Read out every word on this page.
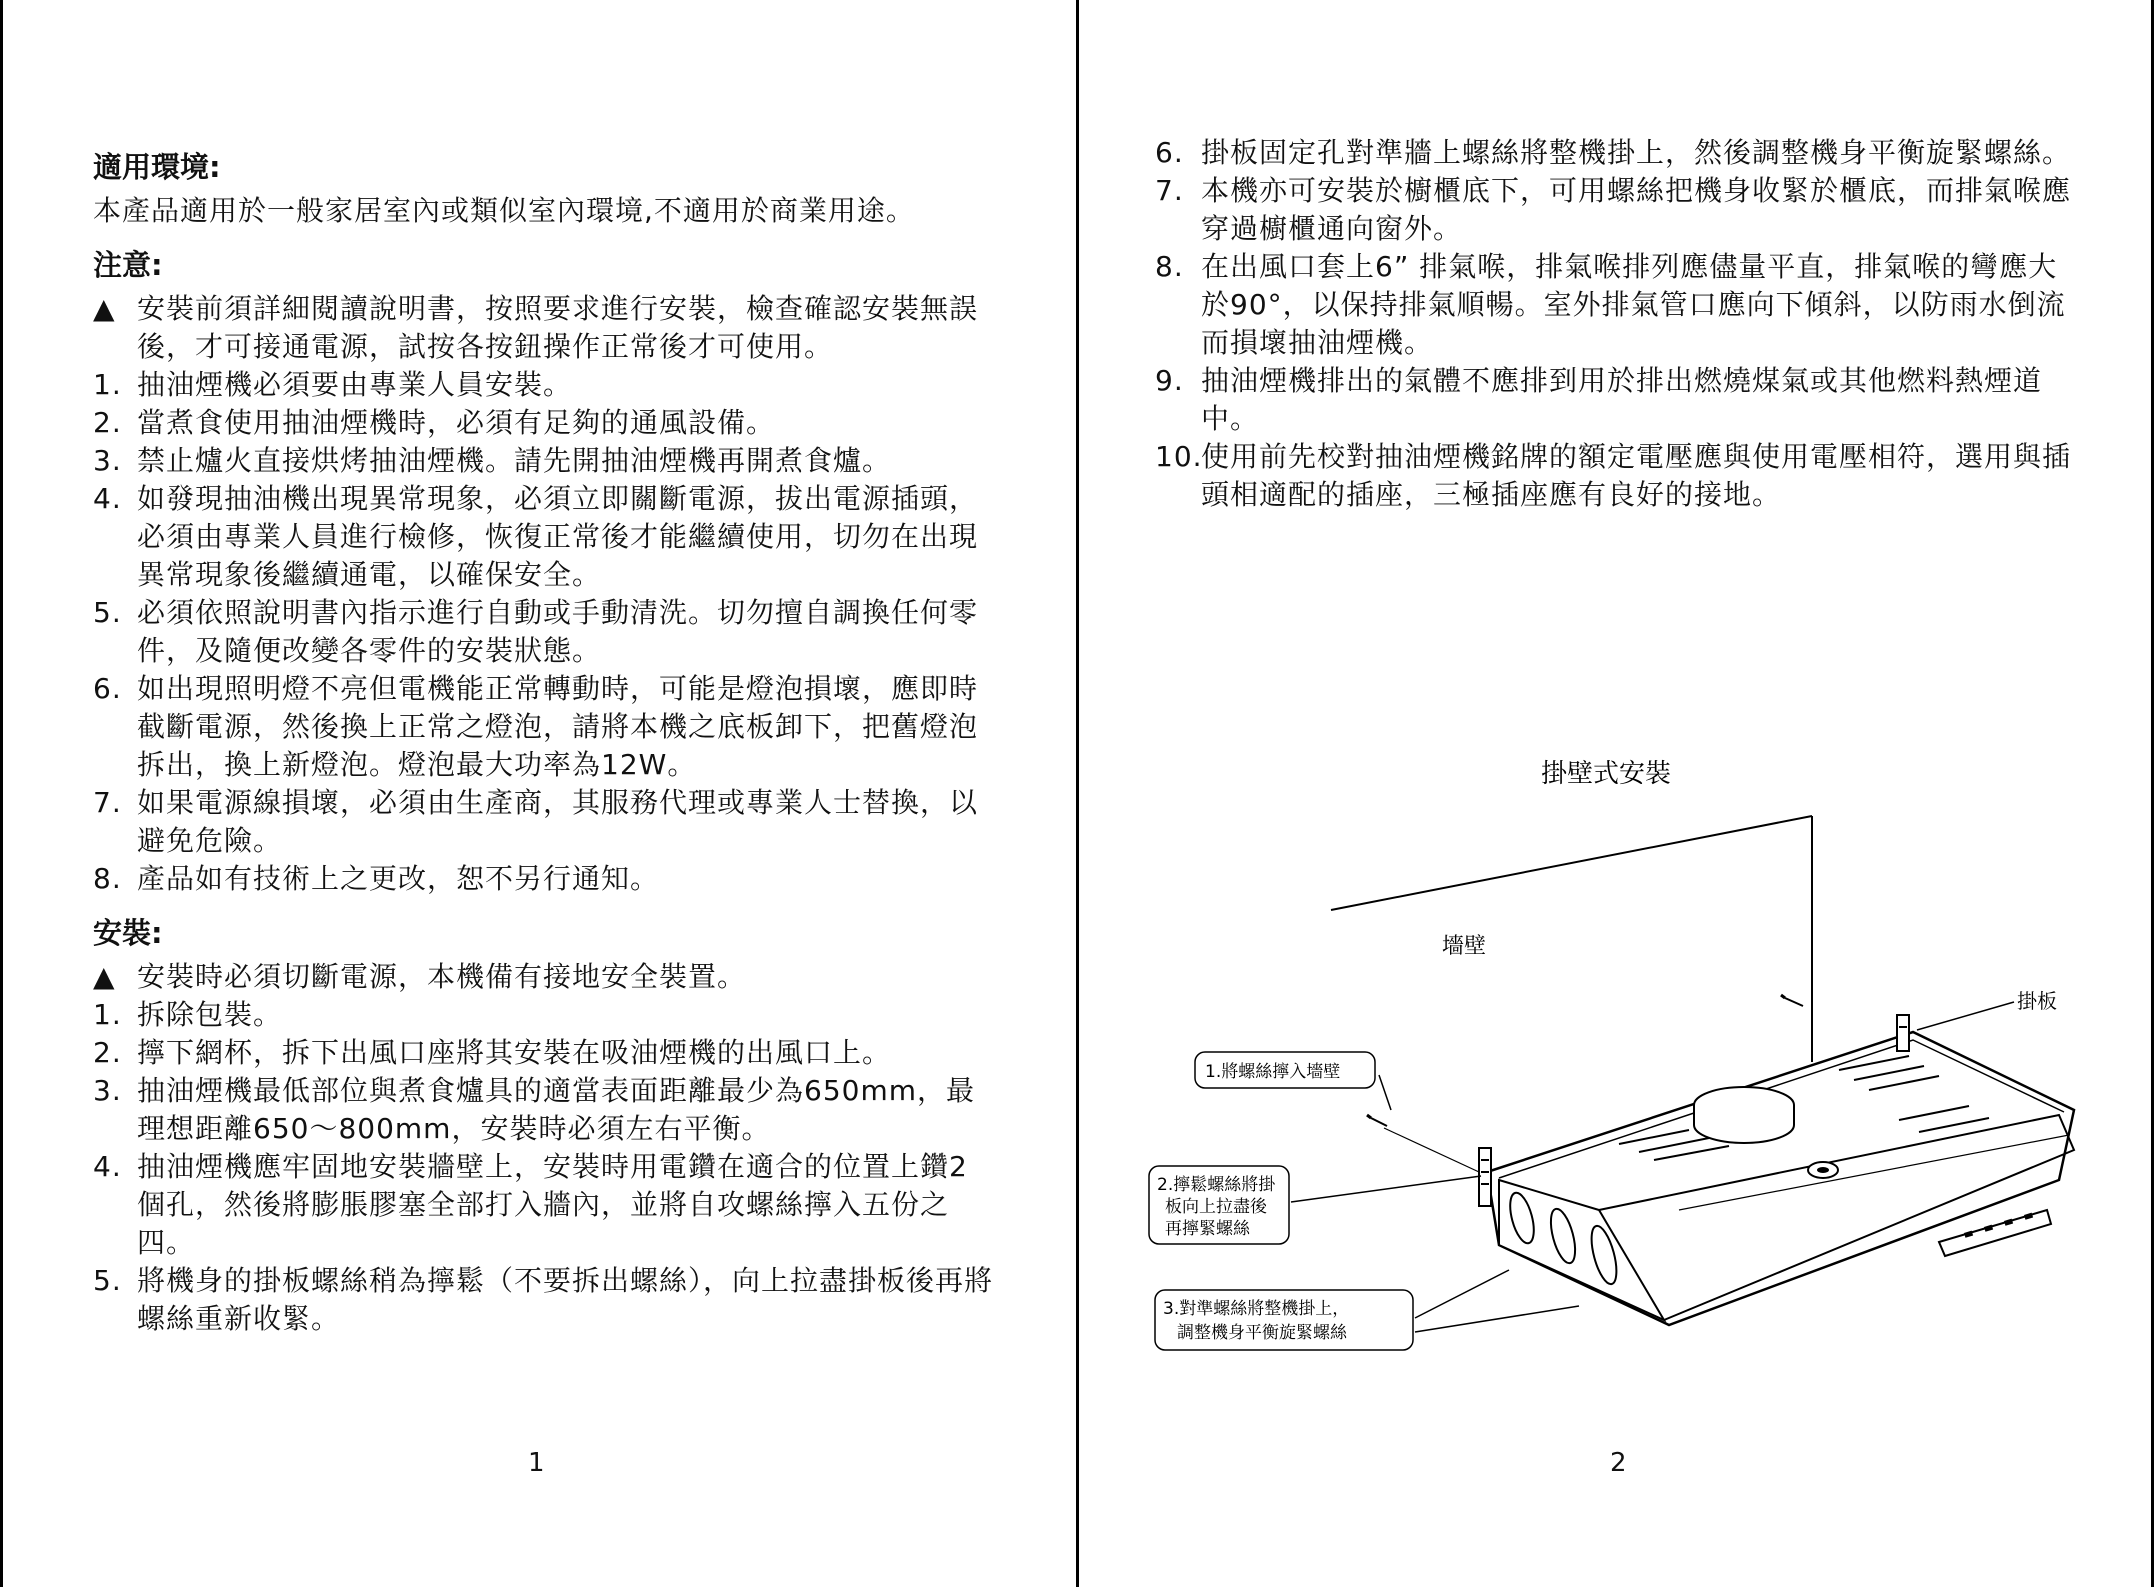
適用環境:
本產品適用於一般家居室內或類似室內環境,不適用於商業用途。
注意:
▲ 安裝前須詳細閱讀說明書，按照要求進行安裝，檢查確認安裝無誤後，才可接通電源，試按各按鈕操作正常後才可使用。
1. 抽油煙機必須要由專業人員安裝。
2. 當煮食使用抽油煙機時，必須有足夠的通風設備。
3. 禁止爐火直接烘烤抽油煙機。請先開抽油煙機再開煮食爐。
4. 如發現抽油機出現異常現象，必須立即關斷電源，拔出電源插頭，必須由專業人員進行檢修，恢復正常後才能繼續使用，切勿在出現異常現象後繼續通電，以確保安全。
5. 必須依照說明書內指示進行自動或手動清洗。切勿擅自調換任何零件，及隨便改變各零件的安裝狀態。
6. 如出現照明燈不亮但電機能正常轉動時，可能是燈泡損壞，應即時截斷電源，然後換上正常之燈泡，請將本機之底板卸下，把舊燈泡拆出，換上新燈泡。燈泡最大功率為12W。
7. 如果電源線損壞，必須由生產商，其服務代理或專業人士替換，以避免危險。
8. 產品如有技術上之更改，恕不另行通知。
安裝:
▲ 安裝時必須切斷電源，本機備有接地安全裝置。
1. 拆除包裝。
2. 擰下網杯，拆下出風口座將其安裝在吸油煙機的出風口上。
3. 抽油煙機最低部位與煮食爐具的適當表面距離最少為650mm，最理想距離650～800mm，安裝時必須左右平衡。
4. 抽油煙機應牢固地安裝牆壁上，安裝時用電鑽在適合的位置上鑽2個孔，然後將膨脹膠塞全部打入牆內，並將自攻螺絲擰入五份之四。
5. 將機身的掛板螺絲稍為擰鬆（不要拆出螺絲），向上拉盡掛板後再將螺絲重新收緊。
1
6. 掛板固定孔對準牆上螺絲將整機掛上，然後調整機身平衡旋緊螺絲。
7. 本機亦可安裝於櫥櫃底下，可用螺絲把機身收緊於櫃底，而排氣喉應穿過櫥櫃通向窗外。
8. 在出風口套上6” 排氣喉，排氣喉排列應儘量平直，排氣喉的彎應大於90°，以保持排氣順暢。室外排氣管口應向下傾斜，以防雨水倒流而損壞抽油煙機。
9. 抽油煙機排出的氣體不應排到用於排出燃燒煤氣或其他燃料熱煙道中。
10.
使用前先校對抽油煙機銘牌的額定電壓應與使用電壓相符，選用與插頭相適配的插座，三極插座應有良好的接地。
掛壁式安裝
墻壁
掛板
1.將螺絲擰入墻壁
2.擰鬆螺絲將掛
板向上拉盡後
再擰緊螺絲
3.對準螺絲將整機掛上，
調整機身平衡旋緊螺絲
2
